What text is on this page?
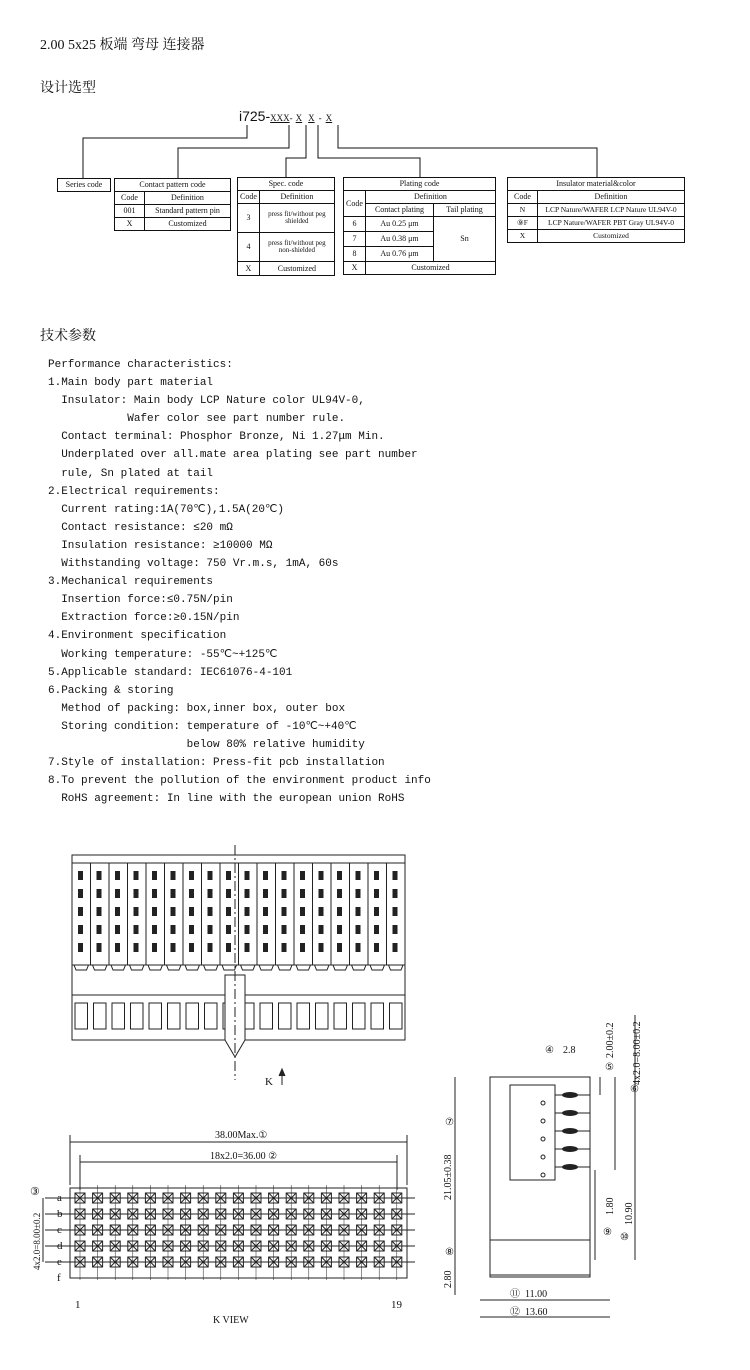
2.00 5x25 板端 弯母 连接器
设计选型
i725-XXX- X X - X
Series code	Contact pattern code	
Code	Definition
001	Standard pattern pin
X	Customized
Spec. code	
Code	Definition
3	press fit/without peg
shielded

4	press fit/without peg
non-shielded

X	Customized
Plating code		
Code	Definition	
	Contact plating	Tail plating
6	Au 0.25 μm	Sn
7	Au 0.38 μm	
8	Au 0.76 μm	
X	Customized	
Insulator material&color	
Code	Definition
N	LCP Nature/WAFER LCP Nature UL94V-0
⑨F	LCP Nature/WAFER PBT Gray UL94V-0
X	Customized
技术参数
Performance characteristics:
1.Main body part material
Insulator: Main body LCP Nature color UL94V-0,
Wafer color see part number rule.
Contact terminal: Phosphor Bronze, Ni 1.27μm Min.
Underplated over all.mate area plating see part number
rule, Sn plated at tail
2.Electrical requirements:
Current rating:1A(70℃),1.5A(20℃)
Contact resistance: ≤20 mΩ
Insulation resistance: ≥10000 MΩ
Withstanding voltage: 750 Vr.m.s, 1mA, 60s
3.Mechanical requirements
Insertion force:≤0.75N/pin
Extraction force:≥0.15N/pin
4.Environment specification
Working temperature: -55℃~+125℃
5.Applicable standard: IEC61076-4-101
6.Packing & storing
Method of packing: box,inner box, outer box
Storing condition: temperature of -10℃~+40℃
below 80% relative humidity
7.Style of installation: Press-fit pcb installation
8.To prevent the pollution of the environment product info
RoHS agreement: In line with the european union RoHS
K
38.00Max.①
18x2.0=36.00 ②
a
b
c
d
e
f
1	19
K VIEW
③
4x2.0=8.00±0.2
④ 2.8
⑤
2.00±0.2
⑥
4x2.0=8.00±0.2
⑦
21.05±0.38
⑨
1.80
⑩
10.90
⑧
2.80
⑪ 11.00
⑫ 13.60
